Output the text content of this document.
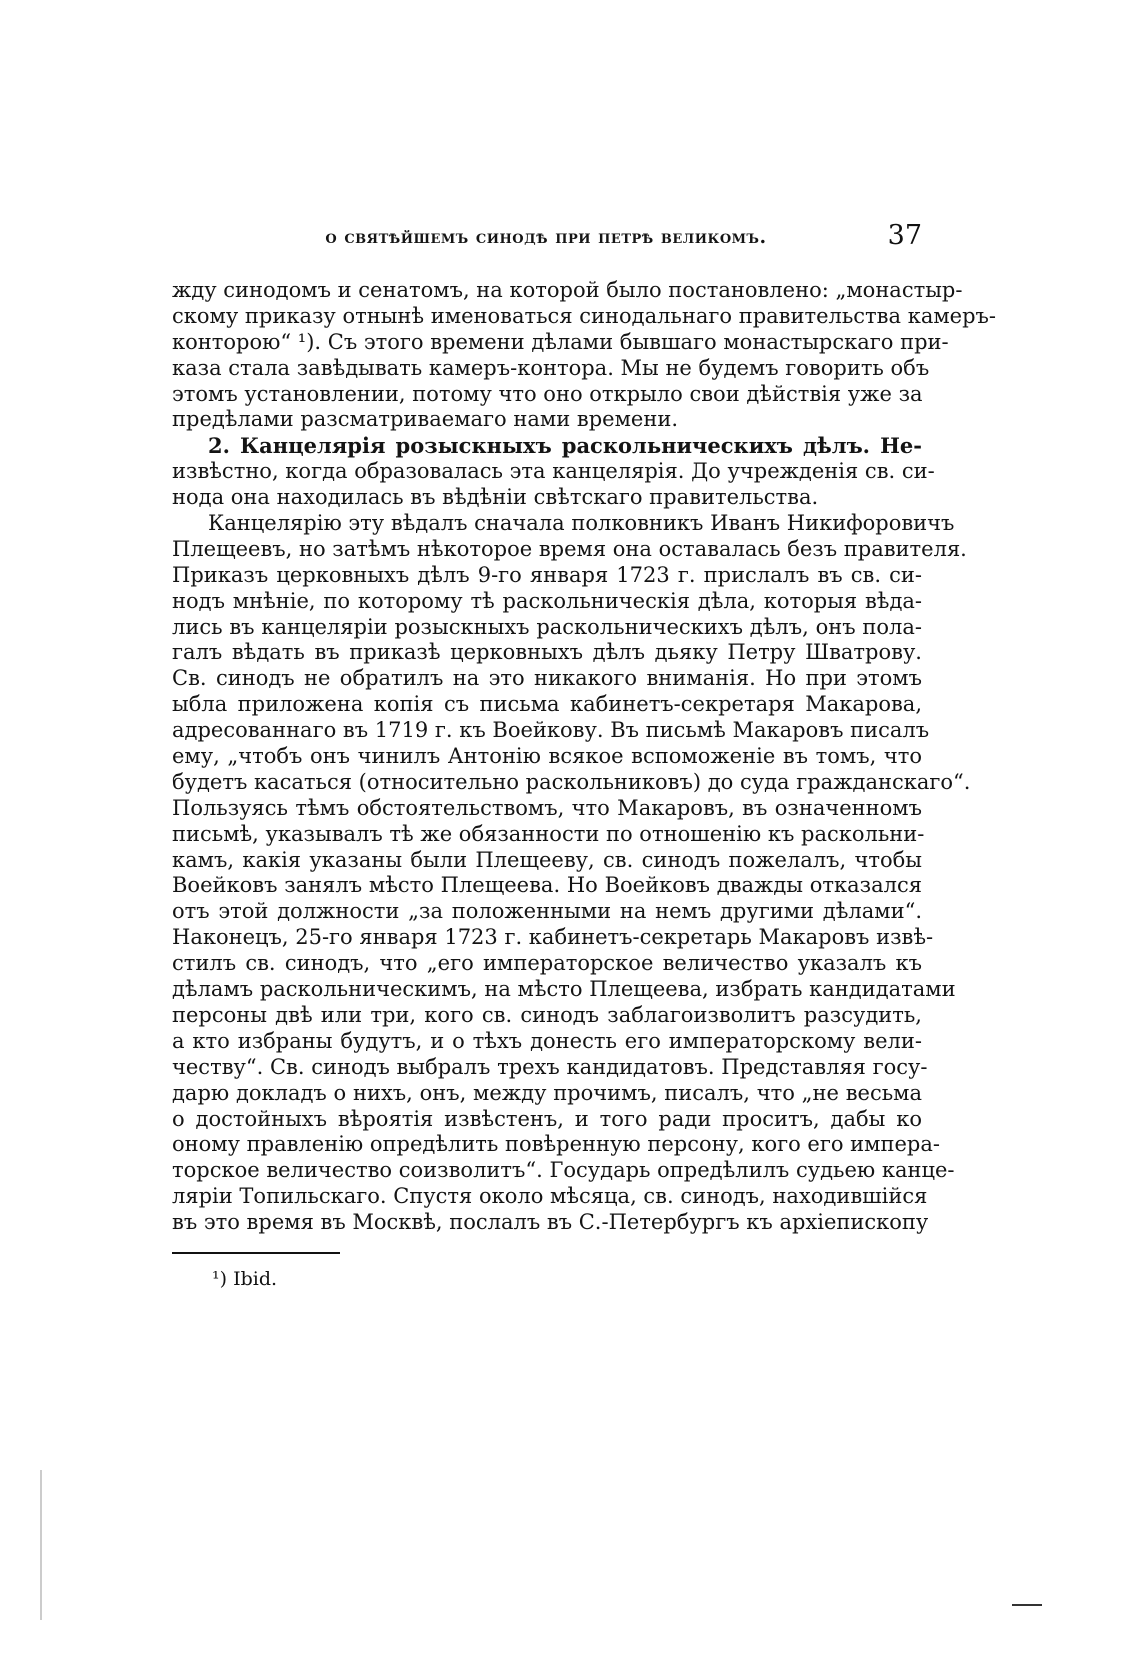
о святѣйшемъ синодѣ при петрѣ великомъ.	37
жду синодомъ и сенатомъ, на которой было постановлено: „монастыр-
скому приказу отнынѣ именоваться синодальнаго правительства камеръ-
конторою“ ¹). Съ этого времени дѣлами бывшаго монастырскаго при-
каза стала завѣдывать камеръ-контора. Мы не будемъ говорить объ
этомъ установлении, потому что оно открыло свои дѣйствія уже за
предѣлами разсматриваемаго нами времени.
2. Канцелярія розыскныхъ раскольническихъ дѣлъ. Не-
извѣстно, когда образовалась эта канцелярія. До учрежденія св. си-
нода она находилась въ вѣдѣніи свѣтскаго правительства.
Канцелярію эту вѣдалъ сначала полковникъ Иванъ Никифоровичъ
Плещеевъ, но затѣмъ нѣкоторое время она оставалась безъ правителя.
Приказъ церковныхъ дѣлъ 9-го января 1723 г. прислалъ въ св. си-
нодъ мнѣніе, по которому тѣ раскольническія дѣла, которыя вѣда-
лись въ канцеляріи розыскныхъ раскольническихъ дѣлъ, онъ пола-
галъ вѣдать въ приказѣ церковныхъ дѣлъ дьяку Петру Шватрову.
Св. синодъ не обратилъ на это никакого вниманія. Но при этомъ
ыбла приложена копія съ письма кабинетъ-секретаря Макарова,
адресованнаго въ 1719 г. къ Воейкову. Въ письмѣ Макаровъ писалъ
ему, „чтобъ онъ чинилъ Антонію всякое вспоможеніе въ томъ, что
будетъ касаться (относительно раскольниковъ) до суда гражданскаго“.
Пользуясь тѣмъ обстоятельствомъ, что Макаровъ, въ означенномъ
письмѣ, указывалъ тѣ же обязанности по отношенію къ раскольни-
камъ, какія указаны были Плещееву, св. синодъ пожелалъ, чтобы
Воейковъ занялъ мѣсто Плещеева. Но Воейковъ дважды отказался
отъ этой должности „за положенными на немъ другими дѣлами“.
Наконецъ, 25-го января 1723 г. кабинетъ-секретарь Макаровъ извѣ-
стилъ св. синодъ, что „его императорское величество указалъ къ
дѣламъ раскольническимъ, на мѣсто Плещеева, избрать кандидатами
персоны двѣ или три, кого св. синодъ заблагоизволитъ разсудить,
а кто избраны будутъ, и о тѣхъ донесть его императорскому вели-
честву“. Св. синодъ выбралъ трехъ кандидатовъ. Представляя госу-
дарю докладъ о нихъ, онъ, между прочимъ, писалъ, что „не весьма
о достойныхъ вѣроятія извѣстенъ, и того ради проситъ, дабы ко
оному правленію опредѣлить повѣренную персону, кого его импера-
торское величество соизволитъ“. Государь опредѣлилъ судьею канце-
ляріи Топильскаго. Спустя около мѣсяца, св. синодъ, находившійся
въ это время въ Москвѣ, послалъ въ С.-Петербургъ къ архіепископу
¹) Ibid.
